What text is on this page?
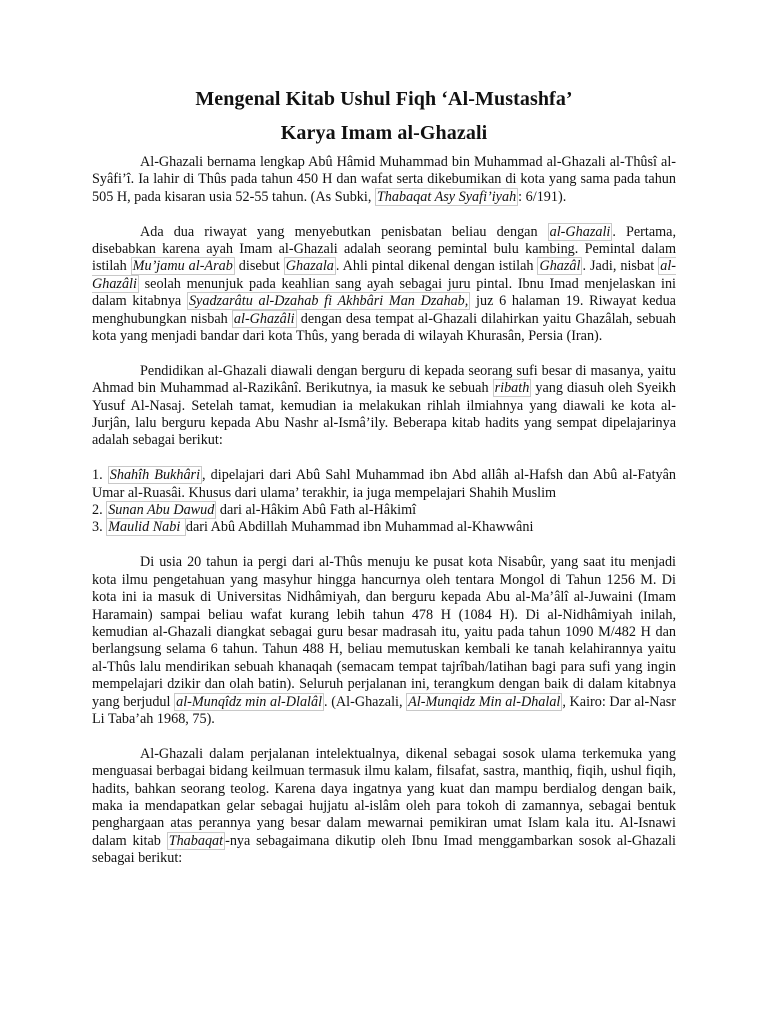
Mengenal Kitab Ushul Fiqh ‘Al-Mustashfa’
Karya Imam al-Ghazali

Al-Ghazali bernama lengkap Abû Hâmid Muhammad bin Muhammad al-Ghazali al-Thûsî al-Syâfi’î. Ia lahir di Thûs pada tahun 450 H dan wafat serta dikebumikan di kota yang sama pada tahun 505 H, pada kisaran usia 52-55 tahun. (As Subki, Thabaqat Asy Syafi’iyah : 6/191).

Ada dua riwayat yang menyebutkan penisbatan beliau dengan al-Ghazali . Pertama, disebabkan karena ayah Imam al-Ghazali adalah seorang pemintal bulu kambing. Pemintal dalam istilah Mu’jamu al-Arab disebut Ghazala . Ahli pintal dikenal dengan istilah Ghazâl . Jadi, nisbat al-Ghazâli seolah menunjuk pada keahlian sang ayah sebagai juru pintal. Ibnu Imad menjelaskan ini dalam kitabnya Syadzarâtu al-Dzahab fi Akhbâri Man Dzahab, juz 6 halaman 19. Riwayat kedua menghubungkan nisbah al-Ghazâli dengan desa tempat al-Ghazali dilahirkan yaitu Ghazâlah, sebuah kota yang menjadi bandar dari kota Thûs, yang berada di wilayah Khurasân, Persia (Iran).

Pendidikan al-Ghazali diawali dengan berguru di kepada seorang sufi besar di masanya, yaitu Ahmad bin Muhammad al-Razikânî. Berikutnya, ia masuk ke sebuah ribath yang diasuh oleh Syeikh Yusuf Al-Nasaj. Setelah tamat, kemudian ia melakukan rihlah ilmiahnya yang diawali ke kota al-Jurjân, lalu berguru kepada Abu Nashr al-Ismâ’ily. Beberapa kitab hadits yang sempat dipelajarinya adalah sebagai berikut:

1. Shahîh Bukhâri , dipelajari dari Abû Sahl Muhammad ibn Abd allâh al-Hafsh dan Abû al-Fatyân Umar al-Ruasâi. Khusus dari ulama’ terakhir, ia juga mempelajari Shahih Muslim
2. Sunan Abu Dawud dari al-Hâkim Abû Fath al-Hâkimî
3. Maulid Nabi dari Abû Abdillah Muhammad ibn Muhammad al-Khawwâni

Di usia 20 tahun ia pergi dari al-Thûs menuju ke pusat kota Nisabûr, yang saat itu menjadi kota ilmu pengetahuan yang masyhur hingga hancurnya oleh tentara Mongol di Tahun 1256 M. Di kota ini ia masuk di Universitas Nidhâmiyah, dan berguru kepada Abu al-Ma’âlî al-Juwaini (Imam Haramain) sampai beliau wafat kurang lebih tahun 478 H (1084 H). Di al-Nidhâmiyah inilah, kemudian al-Ghazali diangkat sebagai guru besar madrasah itu, yaitu pada tahun 1090 M/482 H dan berlangsung selama 6 tahun. Tahun 488 H, beliau memutuskan kembali ke tanah kelahirannya yaitu al-Thûs lalu mendirikan sebuah khanaqah (semacam tempat tajrîbah/latihan bagi para sufi yang ingin mempelajari dzikir dan olah batin). Seluruh perjalanan ini, terangkum dengan baik di dalam kitabnya yang berjudul al-Munqîdz min al-Dlalâl . (Al-Ghazali, Al-Munqidz Min al-Dhalal , Kairo: Dar al-Nasr Li Taba’ah 1968, 75).

Al-Ghazali dalam perjalanan intelektualnya, dikenal sebagai sosok ulama terkemuka yang menguasai berbagai bidang keilmuan termasuk ilmu kalam, filsafat, sastra, manthiq, fiqih, ushul fiqih, hadits, bahkan seorang teolog. Karena daya ingatnya yang kuat dan mampu berdialog dengan baik, maka ia mendapatkan gelar sebagai hujjatu al-islâm oleh para tokoh di zamannya, sebagai bentuk penghargaan atas perannya yang besar dalam mewarnai pemikiran umat Islam kala itu. Al-Isnawi dalam kitab Thabaqat -nya sebagaimana dikutip oleh Ibnu Imad menggambarkan sosok al-Ghazali sebagai berikut:
